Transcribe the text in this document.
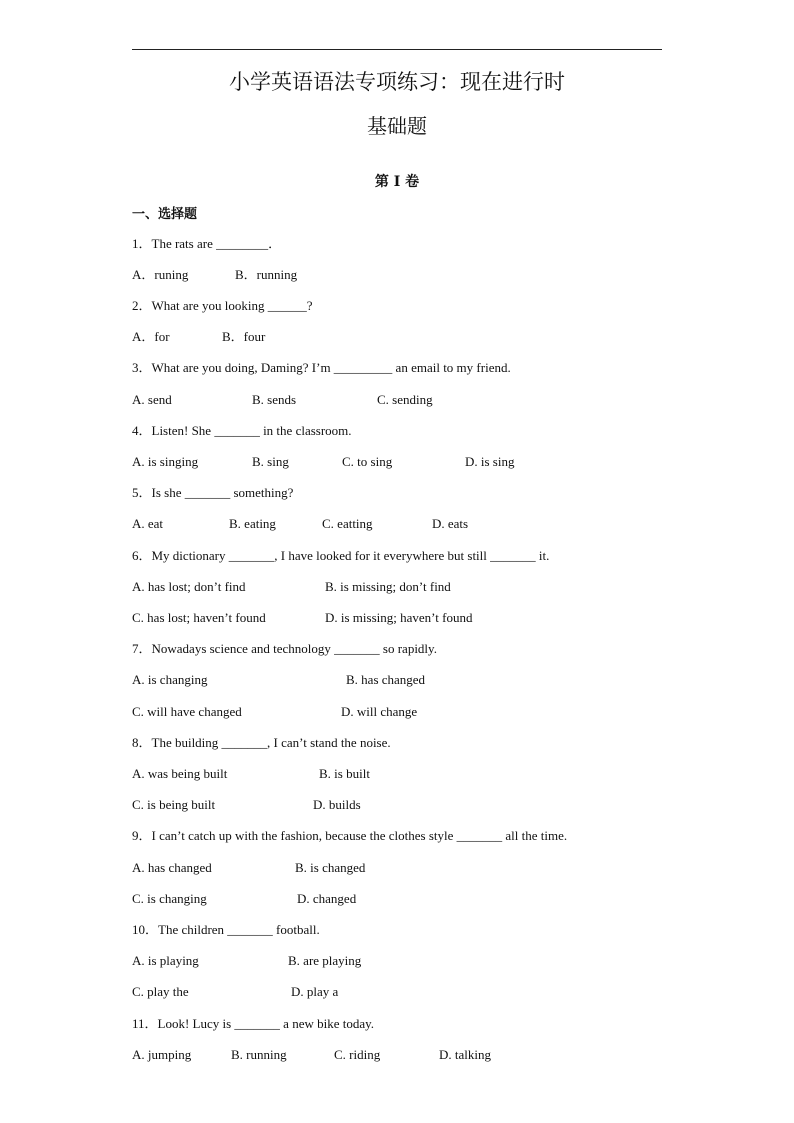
小学英语语法专项练习：现在进行时
基础题
第 I 卷
一、选择题
1．The rats are ________．
A．runing	B．running
2．What are you looking ______?
A．for	B．four
3．What are you doing, Daming? I’m _________ an email to my friend.
A. send	B. sends	C. sending
4．Listen! She _______ in the classroom.
A. is singing	B. sing	C. to sing	D. is sing
5．Is she _______ something?
A. eat	B. eating	C. eatting	D. eats
6．My dictionary _______, I have looked for it everywhere but still _______ it.
A. has lost; don’t find	B. is missing; don’t find
C. has lost; haven’t found	D. is missing; haven’t found
7．Nowadays science and technology _______ so rapidly.
A. is changing	B. has changed
C. will have changed	D. will change
8．The building _______, I can’t stand the noise.
A. was being built	B. is built
C. is being built	D. builds
9．I can’t catch up with the fashion, because the clothes style _______ all the time.
A. has changed	B. is changed
C. is changing	D. changed
10．The children _______ football.
A. is playing	B. are playing
C. play the	D. play a
11．Look! Lucy is _______ a new bike today.
A. jumping	B. running	C. riding	D. talking
